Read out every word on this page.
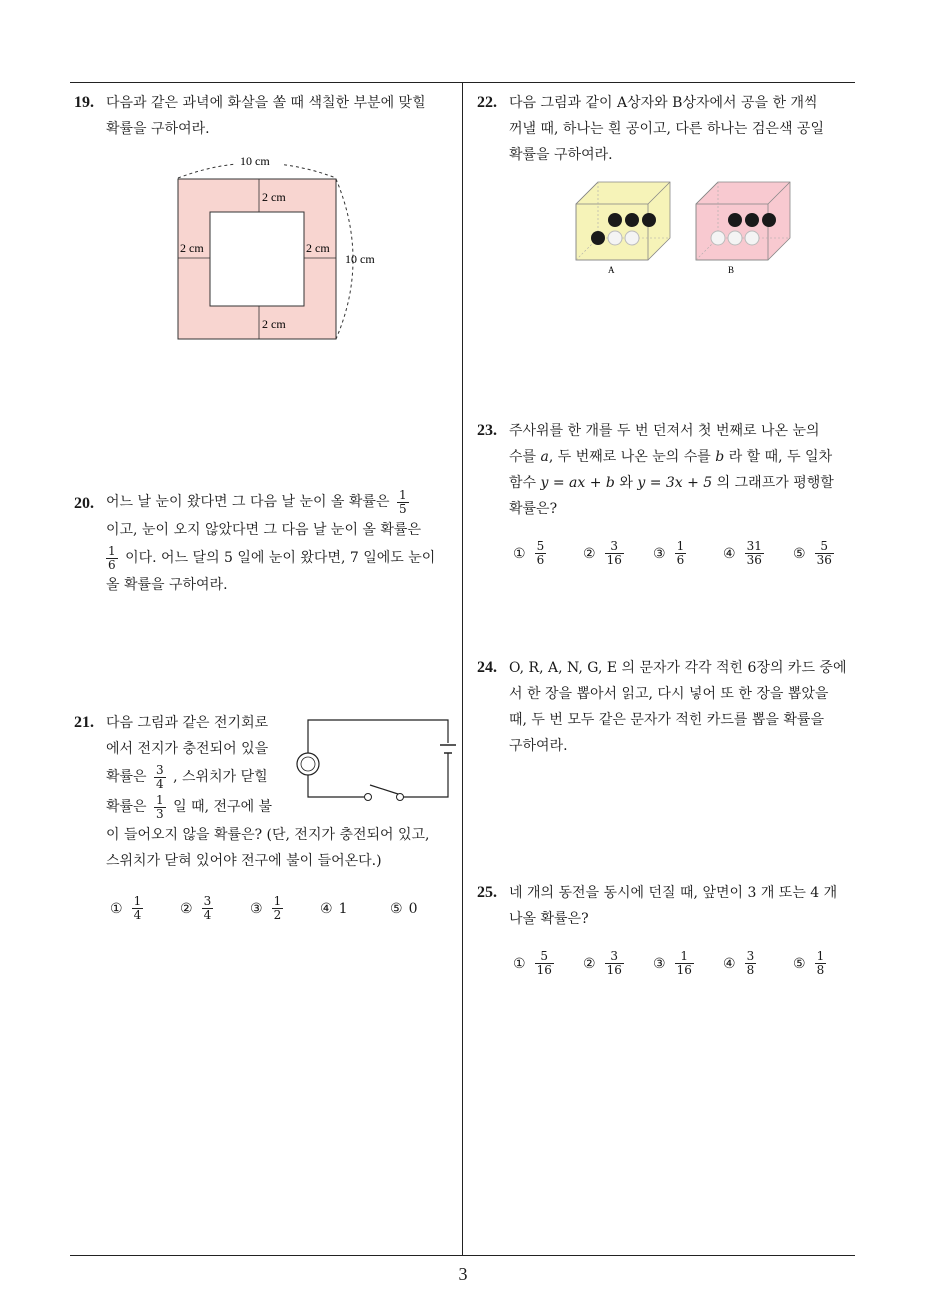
19. 다음과 같은 과녁에 화살을 쏠 때 색칠한 부분에 맞힐

확률을 구하여라.

10 cm
10 cm
2 cm
2 cm	2 cm
2 cm
20. 어느 날 눈이 왔다면 그 다음 날 눈이 올 확률은 $\frac{1}{5}$

이고, 눈이 오지 않았다면 그 다음 날 눈이 올 확률은

$\frac{1}{6}$ 이다. 어느 달의 5 일에 눈이 왔다면, 7 일에도 눈이

올 확률을 구하여라.

21. 다음 그림과 같은 전기회로

에서 전지가 충전되어 있을

확률은 $\frac{3}{4}$ , 스위치가 닫힐

확률은 $\frac{1}{3}$ 일 때, 전구에 불

이 들어오지 않을 확률은? (단, 전지가 충전되어 있고,

스위치가 닫혀 있어야 전구에 불이 들어온다.)

① $\frac{1}{4}$	② $\frac{3}{4}$	③ $\frac{1}{2}$	④ 1	⑤ 0
22. 다음 그림과 같이 A상자와 B상자에서 공을 한 개씩

꺼낼 때, 하나는 흰 공이고, 다른 하나는 검은색 공일

확률을 구하여라.

A	B
23. 주사위를 한 개를 두 번 던져서 첫 번째로 나온 눈의

수를 a, 두 번째로 나온 눈의 수를 b 라 할 때, 두 일차

함수 y = ax + b 와 y = 3x + 5 의 그래프가 평행할

확률은?

① $\frac{5}{6}$	② $\frac{3}{16}$ ③ $\frac{1}{6}$	④ $\frac{31}{36}$ ⑤ $\frac{5}{36}$
24. O, R, A, N, G, E 의 문자가 각각 적힌 6장의 카드 중에

서 한 장을 뽑아서 읽고, 다시 넣어 또 한 장을 뽑았을

때, 두 번 모두 같은 문자가 적힌 카드를 뽑을 확률을

구하여라.

25. 네 개의 동전을 동시에 던질 때, 앞면이 3 개 또는 4 개

나올 확률은?

① $\frac{5}{16}$ ② $\frac{3}{16}$ ③ $\frac{1}{16}$ ④ $\frac{3}{8}$	⑤ $\frac{1}{8}$
3
